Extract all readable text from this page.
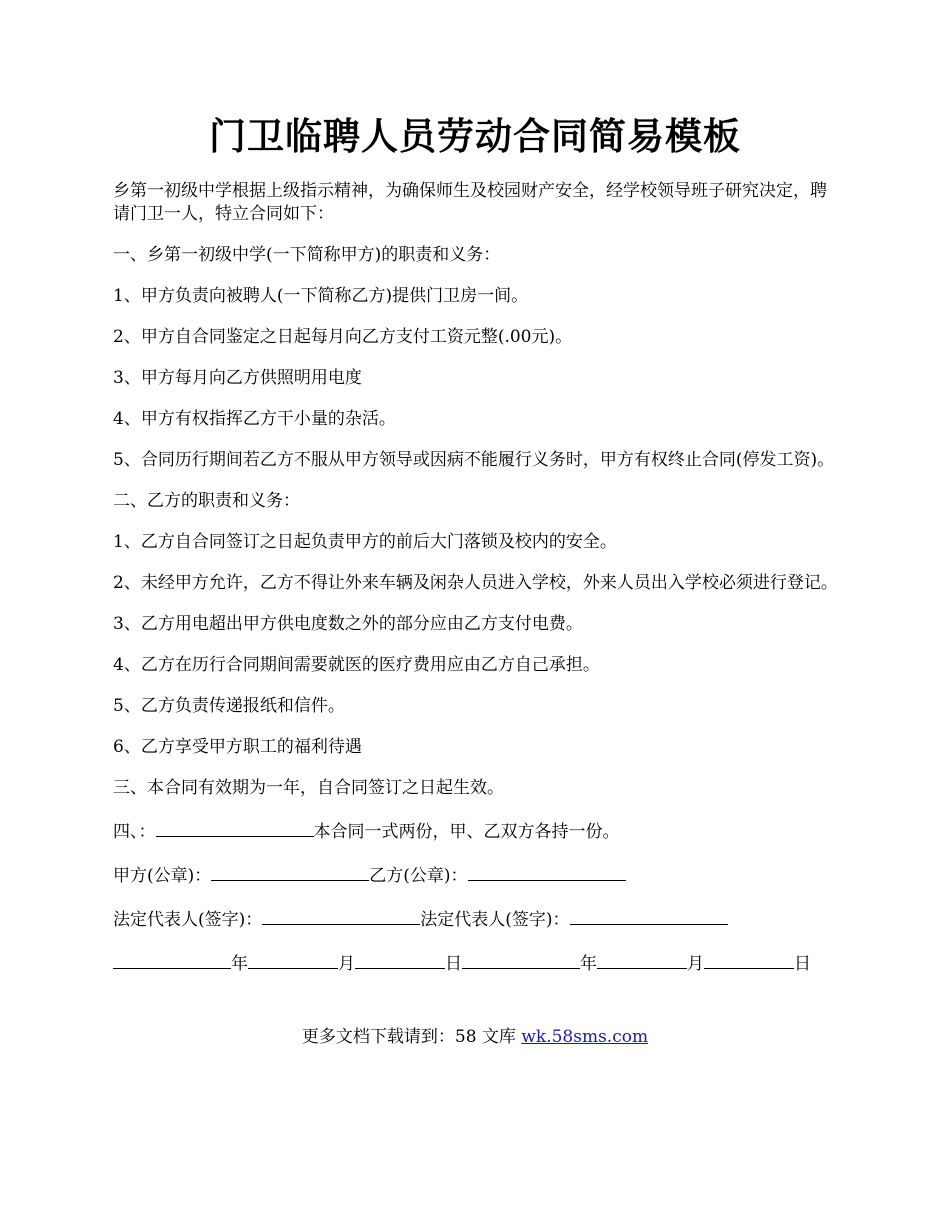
门卫临聘人员劳动合同简易模板

乡第一初级中学根据上级指示精神，为确保师生及校园财产安全，经学校领导班子研究决定，聘请门卫一人，特立合同如下：

一、乡第一初级中学(一下简称甲方)的职责和义务：

1、甲方负责向被聘人(一下简称乙方)提供门卫房一间。

2、甲方自合同鉴定之日起每月向乙方支付工资元整(.00元)。

3、甲方每月向乙方供照明用电度

4、甲方有权指挥乙方干小量的杂活。

5、合同历行期间若乙方不服从甲方领导或因病不能履行义务时，甲方有权终止合同(停发工资)。

二、乙方的职责和义务：

1、乙方自合同签订之日起负责甲方的前后大门落锁及校内的安全。

2、未经甲方允许，乙方不得让外来车辆及闲杂人员进入学校，外来人员出入学校必须进行登记。

3、乙方用电超出甲方供电度数之外的部分应由乙方支付电费。

4、乙方在历行合同期间需要就医的医疗费用应由乙方自己承担。

5、乙方负责传递报纸和信件。

6、乙方享受甲方职工的福利待遇

三、本合同有效期为一年，自合同签订之日起生效。

四、：	本合同一式两份，甲、乙双方各持一份。

甲方(公章)：	乙方(公章)：

法定代表人(签字)：	法定代表人(签字)：

年	月	日	年	月	日

更多文档下载请到：58 文库 wk.58sms.com
